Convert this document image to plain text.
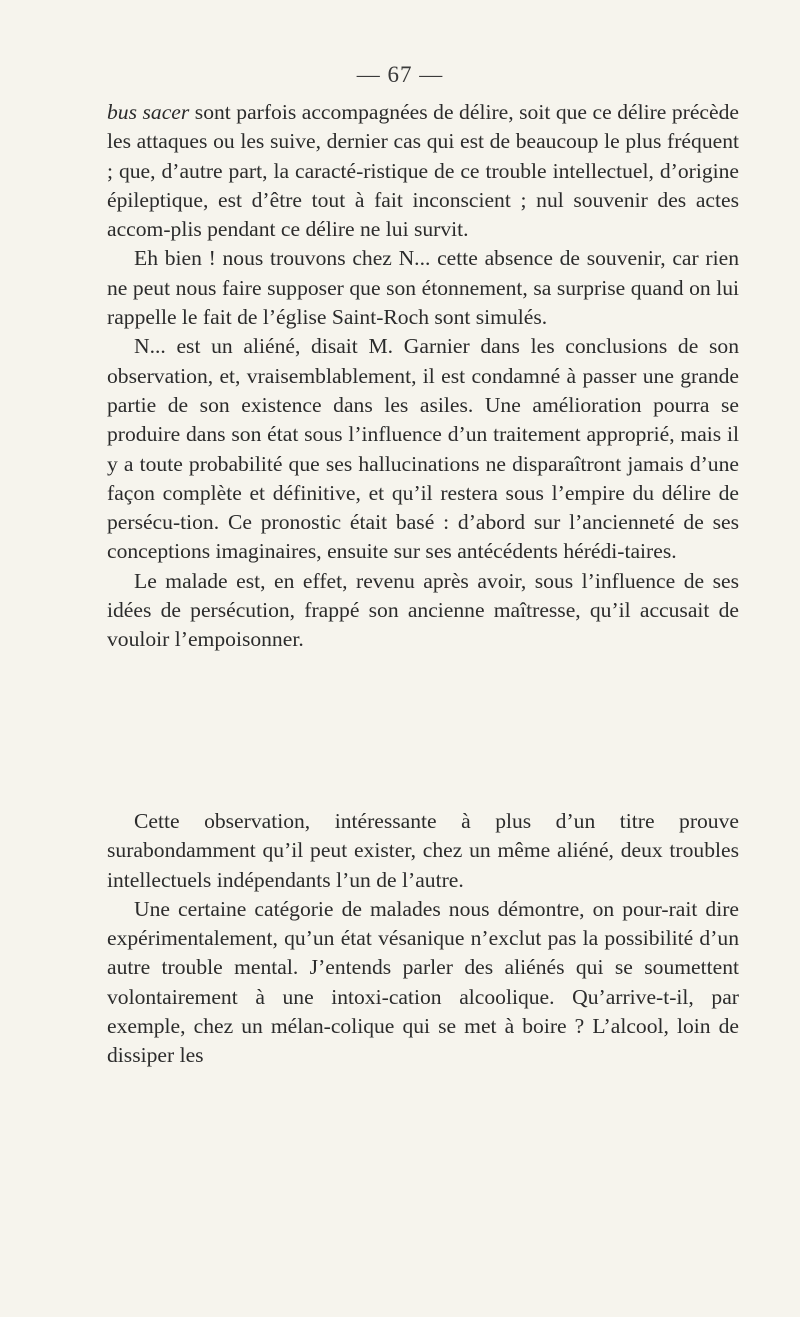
— 67 —

bus sacer sont parfois accompagnées de délire, soit que ce délire précède les attaques ou les suive, dernier cas qui est de beaucoup le plus fréquent ; que, d’autre part, la caracté-ristique de ce trouble intellectuel, d’origine épileptique, est d’être tout à fait inconscient ; nul souvenir des actes accom-plis pendant ce délire ne lui survit.

Eh bien ! nous trouvons chez N... cette absence de souvenir, car rien ne peut nous faire supposer que son étonnement, sa surprise quand on lui rappelle le fait de l’église Saint-Roch sont simulés.

N... est un aliéné, disait M. Garnier dans les conclusions de son observation, et, vraisemblablement, il est condamné à passer une grande partie de son existence dans les asiles. Une amélioration pourra se produire dans son état sous l’influence d’un traitement approprié, mais il y a toute probabilité que ses hallucinations ne disparaîtront jamais d’une façon complète et définitive, et qu’il restera sous l’empire du délire de persécu-tion. Ce pronostic était basé : d’abord sur l’ancienneté de ses conceptions imaginaires, ensuite sur ses antécédents hérédi-taires.

Le malade est, en effet, revenu après avoir, sous l’influence de ses idées de persécution, frappé son ancienne maîtresse, qu’il accusait de vouloir l’empoisonner.

Cette observation, intéressante à plus d’un titre prouve surabondamment qu’il peut exister, chez un même aliéné, deux troubles intellectuels indépendants l’un de l’autre.

Une certaine catégorie de malades nous démontre, on pour-rait dire expérimentalement, qu’un état vésanique n’exclut pas la possibilité d’un autre trouble mental. J’entends parler des aliénés qui se soumettent volontairement à une intoxi-cation alcoolique. Qu’arrive-t-il, par exemple, chez un mélan-colique qui se met à boire ? L’alcool, loin de dissiper les
